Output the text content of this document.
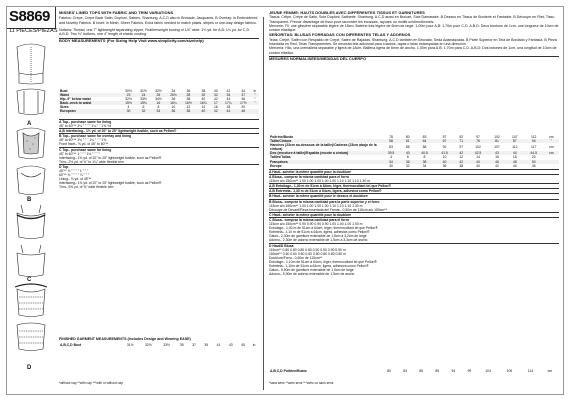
S8869
11 PIECES/PIEZAS
A
B
C
D
MISSES' LINED TOPS WITH FABRIC AND TRIM VARIATIONS
Fabrics: Crepe, Crepe Back Satin, Dupioni, Sateen, Shantung, A,C,D also in Brocade, Jacquards. B Overlay: in Embroidered and Novelty Fabrics. B Inset: in Mesh, Sheer Fabrics. Extra fabric needed to match plaids, stripes or one-way design fabrics.
Notions: Thread, one 7" lightweight separating zipper, Featherweight boning of 1/4" wide. 1⅓ yd. for A,B: 1⅓ yd. for C,D. A,B,D: Two ⅜" buttons, one 4" length of elastic cording.
BODY MEASUREMENTS (For Sizing Help Visit www.simplicity.com/sizehelp)
Bust	30½	31½	32½	34	36	38	40	42	44	in
Waist	23	24	25	26½	28	30	32	34	37	"
Hip–9" below waist	32½	33½	34½	36	38	40	42	44	46	"
Back–neck to waist	15½	15¾	16	16¼	16½	16¾	17	17¼	17½	"
Sizes	4	6	8	10	12	14	16	18	20	
European	30	32	34	36	38	40	42	44	46	
A Top– purchase same for lining
45" to 60"** 1⅛ " " " " 1¼ " " 1⅜ Yd
A,B Interfacing– 1½ yd. of 20" to 25" lightweight fusible, such as Pellon®
B Top– purchase same for overlay and lining
45" to 60"** 1⅛ " " " 1¼ " " " 1⅜
Front Inset– ⅝ yd. of 45" to 60"**
C Top– purchase same for lining
45" to 60"** 1 " " " 1⅛ " " " "
Interfacing– 1⅜ yd. of 20" to 25" lightweight fusible, such as Pellon®
Trim– 2½ yd. of ⅝" to 1¼" wide flexible trim
D Top
45"** ⅞ " " " " 1 " " "
60"** ⅝ " " " " ⅞ " " "
Lining– ⅝ yd. of 45"**
Interfacing– 1⅜ yd. of 20" to 25" lightweight fusible, such as Pellon®
Trim– 6⅝ yd. of ⅝" wide flexible trim
FINISHED GARMENT MEASUREMENTS (Includes Design and Wearing EASE)
A,B,C,D Bust	31½	32½	33½	35	37	39	41	43	45	in
*without nap **with nap ***with or without nap
JEUNE FEMME: HAUTS DOUBLÉS AVEC DIFFÉRENTES TISSUS ET GARNITURES
Tissus: Crêpe, Crêpe de Satin, Soie Dupioni, Satinette, Shantung, A,C,D aussi en Brocart, Soie Damassée. B Dessus en Tissus de Broderie et Fantaisie. B Découpe en Filet, Tissu Transparent. Prévoir davantage de tissu pour raccorder les écossais, rayures ou motifs unidirectionnels.
Mercerie: Fil, une glissière séparable légère de 18cm. Baleine très légère de 6mm de large. 1,00m pour A,B: 1,70m pour C,D. A,B,D: Deux boutons de 1cm, une longueur de 10cm de cordon élastique.
SEÑORITAS: BLUSAS FORRADAS CON DIFERENTES TELAS Y ADORNOS
Telas: Crepé, Satén con Respaldo de Crepé, Satén de Rajadas, Shantung, A,C,D también en Brocado, Seda Adamascada. B Parte Superior en Tela de Bordado y Fantasía. B Pieza Insertada en Red, Telas Transparentes. Se necesita tela adicional para cuadros, rayas o telas estampadas en una dirección.
Mercería: Hilo, una cremallera separable y ligera de 18cm. Ballena ligera de 6mm de ancho. 1,00m para A,B: 1,70m para C,D. A,B,D: Dos botones de 1cm, una longitud de 10cm de cordón elástico.
MESURES NORMALISÉES/MEDIDAS DEL CUERPO
Poitrine/Busto	78	80	83	87	92	97	102	107	112	cm
Taille/Cintura	58	61	64	67	71	76	81	87	94	"
Hanches (23cm au-dessous de la taille)/Caderas (23cm abajo de la cintura)	83	85	88	92	97	102	107	112	117	cm
Dos (encolure à taille)/Espalda (escote a cintura)	39.5	40	40.5	41.5	42	42.5	43	44	44.5	cm
Tailles/Tallas	4	6	8	10	12	14	16	18	20	
Françaises	34	36	38	40	42	44	46	48	50	
Europe	30	32	34	36	38	40	42	44	46	
A Haut– acheter la même quantité pour la doublure
A Blusa– comprar la misma cantidad para el forro
115cm a/o 150cm** 1.00 1.00 1.00 1.00 1.00 1.10 1.10 1.10 1.30 m
A,B Entoilage– 1,30 m de 51cm à 64cm, léger, thermocollant tel que Pellon®
A,B Entretela– 1,30 m de 51cm a 64cm, ligera, adhesiva como Pellon®
B Haut– acheter la même quantité pour le dessus et doublure
B Blusa– comprar la misma cantidad para la parte superior y el forro
115cm a/o 150cm** 1.00 1.00 1.00 1.00 1.10 1.10 1.10 1.30 m
Découpe de Devant/Pieza Insertada del Frente– 0,50m de 115cm a/o 150cm**
C Haut– acheter la même quantité pour la doublure
C Blusa– comprar la misma cantidad para el forro
115cm a/o 150cm** 0.90 0.90 0.90 0.90 1.00 1.00 1.00 1.00 m
Entoilage– 1,30 m de 51cm à 64cm, léger, thermocollant tel que Pellon®
Entretela– 1,10 m de 51cm a 64cm, ligera, adhesiva como Pellon®
Galon– 2,30m de garniture extensible de 1,5cm à 3,2cm de large
Adorno– 2,30m de adorno extensible de 1,5cm a 3,3cm de ancho
D Haut/D Blusa
115cm** 0.80 0.80 0.80 0.80 0.90 0.90 0.90 0.90 m
150cm** 0.60 0.60 0.60 0.60 0.80 0.80 0.80 0.80 m
Doublure/Forro– 0,60m de 115cm**
Entoilage– 1,10m de 51cm à 64cm, léger, thermocollant tel que Pellon®
Entretela– 1,10m de 51cm a 64cm, ligera, adhesiva como Pellon®
Galon– 5,90m de garniture extensible de 1,5cm de large
Adorno– 5,90m de adorno extensible de 1,5cm de ancho
A,B,C,D Poitrine/Busto	80	83	85	89	94	99	104	109	114	cm
*sans sens **avec sens ***avec ou sans sens
